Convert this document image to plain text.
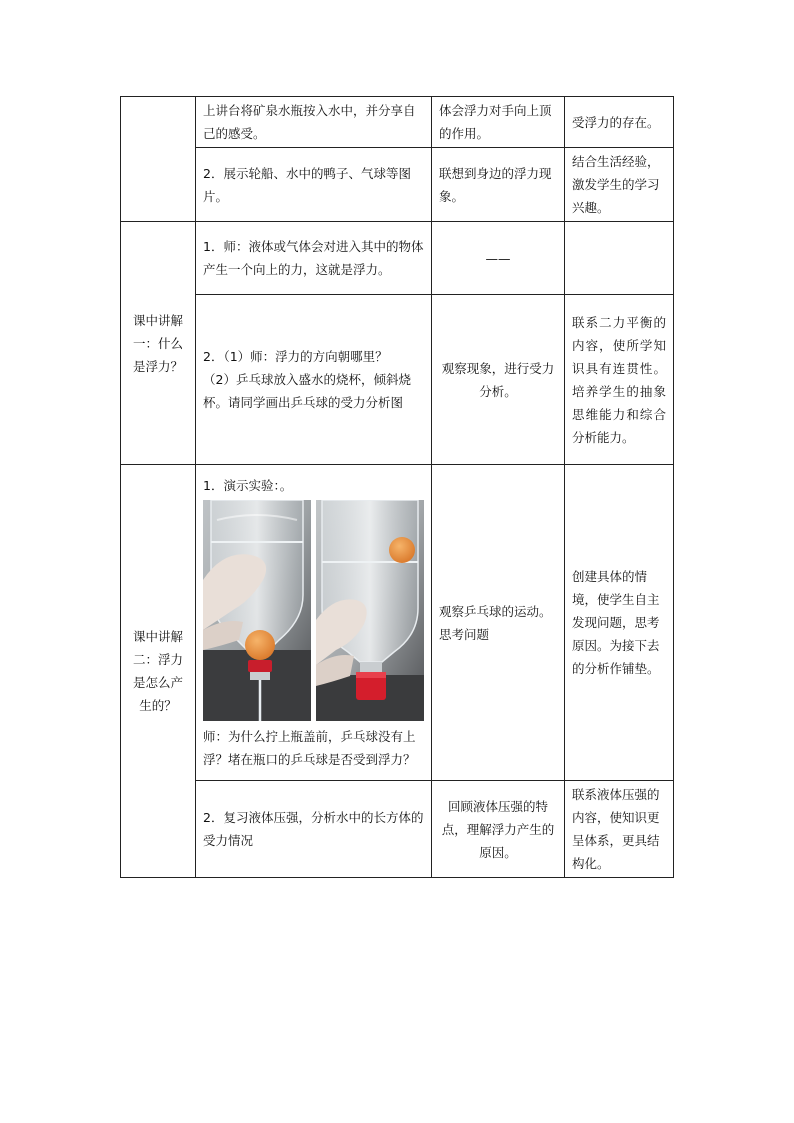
	上讲台将矿泉水瓶按入水中，并分享自己的感受。	体会浮力对手向上顶的作用。	受浮力的存在。
	2．展示轮船、水中的鸭子、气球等图片。	联想到身边的浮力现象。	结合生活经验，激发学生的学习兴趣。
课中讲解一：什么是浮力？	1．师：液体或气体会对进入其中的物体产生一个向上的力，这就是浮力。	——	

	2．（1）师：浮力的方向朝哪里？
（2）乒乓球放入盛水的烧杯，倾斜烧杯。请同学画出乒乓球的受力分析图	观察现象，进行受力分析。	联系二力平衡的内容，使所学知识具有连贯性。培养学生的抽象思维能力和综合分析能力。
课中讲解二：浮力是怎么产生的？	1．演示实验：。
师：为什么拧上瓶盖前，乒乓球没有上浮？堵在瓶口的乒乓球是否受到浮力？	观察乒乓球的运动。思考问题	创建具体的情境，使学生自主发现问题，思考原因。为接下去的分析作铺垫。
	2．复习液体压强，分析水中的长方体的受力情况	回顾液体压强的特点，理解浮力产生的原因。	联系液体压强的内容，使知识更呈体系，更具结构化。
